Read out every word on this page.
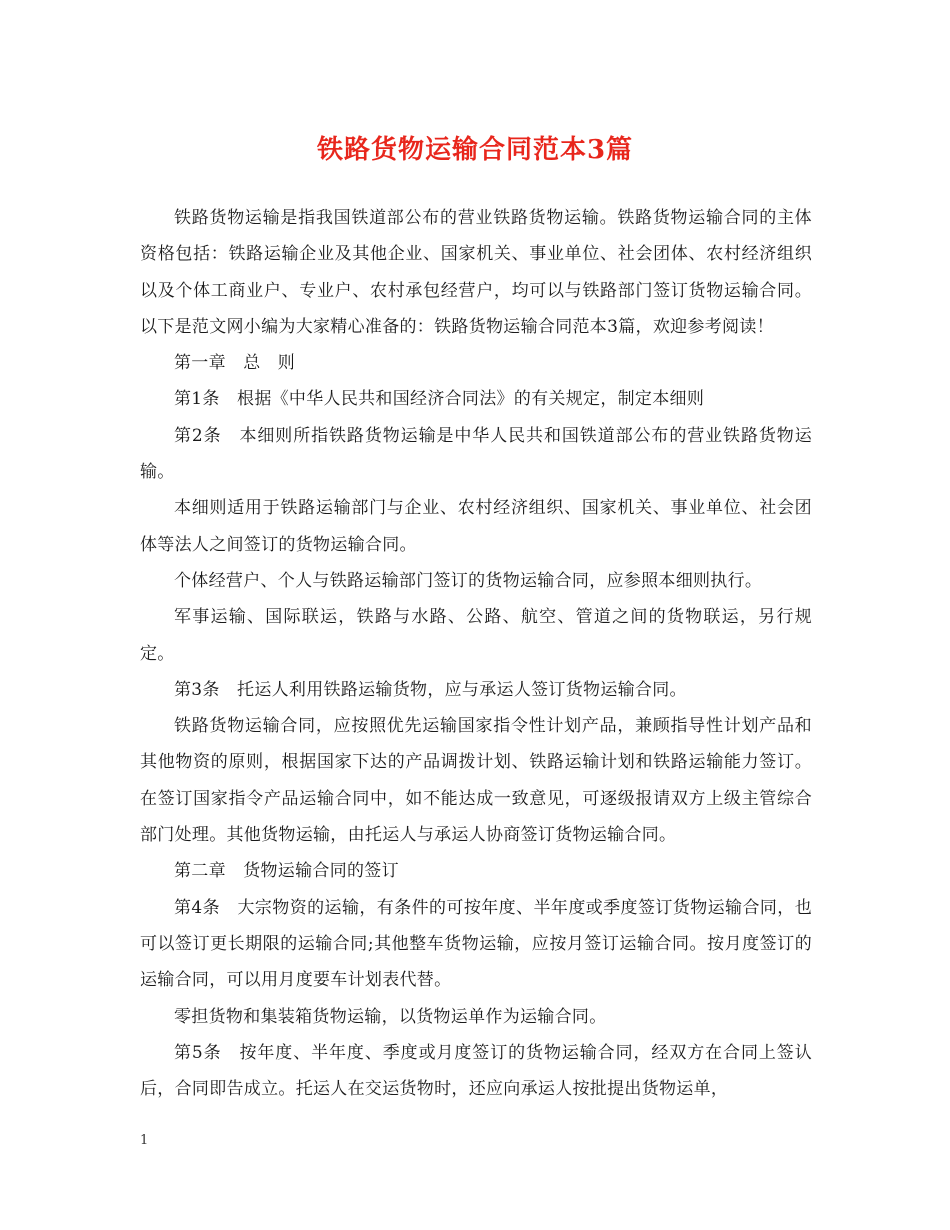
铁路货物运输合同范本3篇

铁路货物运输是指我国铁道部公布的营业铁路货物运输。铁路货物运输合同的主体资格包括：铁路运输企业及其他企业、国家机关、事业单位、社会团体、农村经济组织以及个体工商业户、专业户、农村承包经营户，均可以与铁路部门签订货物运输合同。以下是范文网小编为大家精心准备的：铁路货物运输合同范本3篇，欢迎参考阅读！

第一章　总　则

第1条　根据《中华人民共和国经济合同法》的有关规定，制定本细则

第2条　本细则所指铁路货物运输是中华人民共和国铁道部公布的营业铁路货物运输。

本细则适用于铁路运输部门与企业、农村经济组织、国家机关、事业单位、社会团体等法人之间签订的货物运输合同。

个体经营户、个人与铁路运输部门签订的货物运输合同，应参照本细则执行。

军事运输、国际联运，铁路与水路、公路、航空、管道之间的货物联运，另行规定。

第3条　托运人利用铁路运输货物，应与承运人签订货物运输合同。

铁路货物运输合同，应按照优先运输国家指令性计划产品，兼顾指导性计划产品和其他物资的原则，根据国家下达的产品调拨计划、铁路运输计划和铁路运输能力签订。在签订国家指令产品运输合同中，如不能达成一致意见，可逐级报请双方上级主管综合部门处理。其他货物运输，由托运人与承运人协商签订货物运输合同。

第二章　货物运输合同的签订

第4条　大宗物资的运输，有条件的可按年度、半年度或季度签订货物运输合同，也可以签订更长期限的运输合同;其他整车货物运输，应按月签订运输合同。按月度签订的运输合同，可以用月度要车计划表代替。

零担货物和集装箱货物运输，以货物运单作为运输合同。

第5条　按年度、半年度、季度或月度签订的货物运输合同，经双方在合同上签认后，合同即告成立。托运人在交运货物时，还应向承运人按批提出货物运单，

1
